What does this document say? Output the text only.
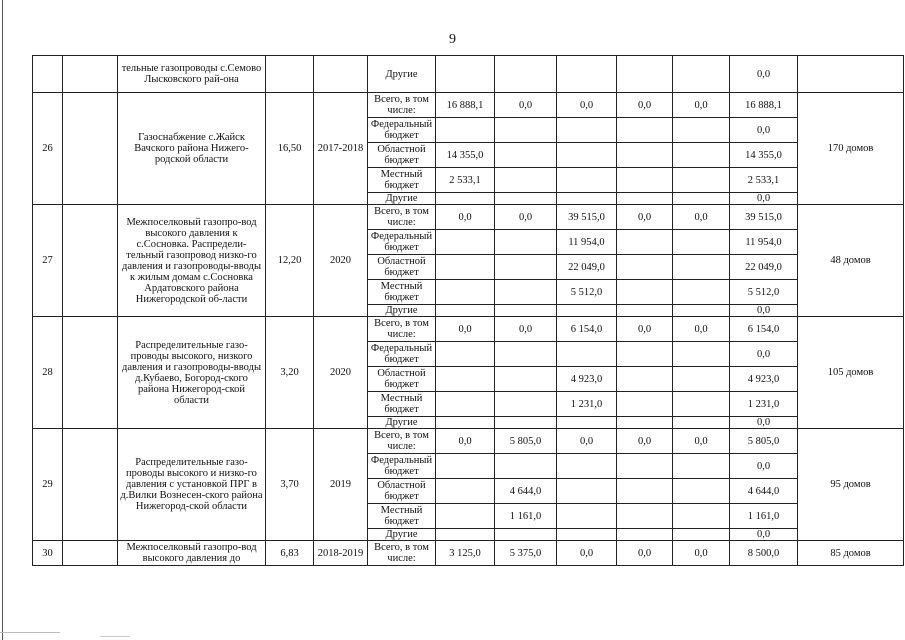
9
		тельные газопроводы с.Семово Лысковского рай-она			Другие						0,0	
26		Газоснабжение с.Жайск Вачского района Нижего-родской области	16,50	2017-2018	Всего, в том числе:	16 888,1	0,0	0,0	0,0	0,0	16 888,1	170 домов
					Федеральный бюджет						0,0	
					Областной бюджет	14 355,0					14 355,0	
					Местный бюджет	2 533,1					2 533,1	
					Другие						0,0	
27		Межпоселковый газопро-вод высокого давления к с.Сосновка. Распредели-тельный газопровод низко-го давления и газопроводы-вводы к жилым домам с.Сосновка Ардатовского района Нижегородской об-ласти	12,20	2020	Всего, в том числе:	0,0	0,0	39 515,0	0,0	0,0	39 515,0	48 домов
					Федеральный бюджет			11 954,0			11 954,0	
					Областной бюджет			22 049,0			22 049,0	
					Местный бюджет			5 512,0			5 512,0	
					Другие						0,0	
28		Распределительные газо-проводы высокого, низкого давления и газопроводы-вводы д.Кубаево, Богород-ского района Нижегород-ской области	3,20	2020	Всего, в том числе:	0,0	0,0	6 154,0	0,0	0,0	6 154,0	105 домов
					Федеральный бюджет						0,0	
					Областной бюджет			4 923,0			4 923,0	
					Местный бюджет			1 231,0			1 231,0	
					Другие						0,0	
29		Распределительные газо-проводы высокого и низко-го давления с установкой ПРГ в д.Вилки Вознесен-ского района Нижегород-ской области	3,70	2019	Всего, в том числе:	0,0	5 805,0	0,0	0,0	0,0	5 805,0	95 домов
					Федеральный бюджет						0,0	
					Областной бюджет		4 644,0				4 644,0	
					Местный бюджет		1 161,0				1 161,0	
					Другие						0,0	
30		Межпоселковый газопро-вод высокого давления до	6,83	2018-2019	Всего, в том числе:	3 125,0	5 375,0	0,0	0,0	0,0	8 500,0	85 домов
